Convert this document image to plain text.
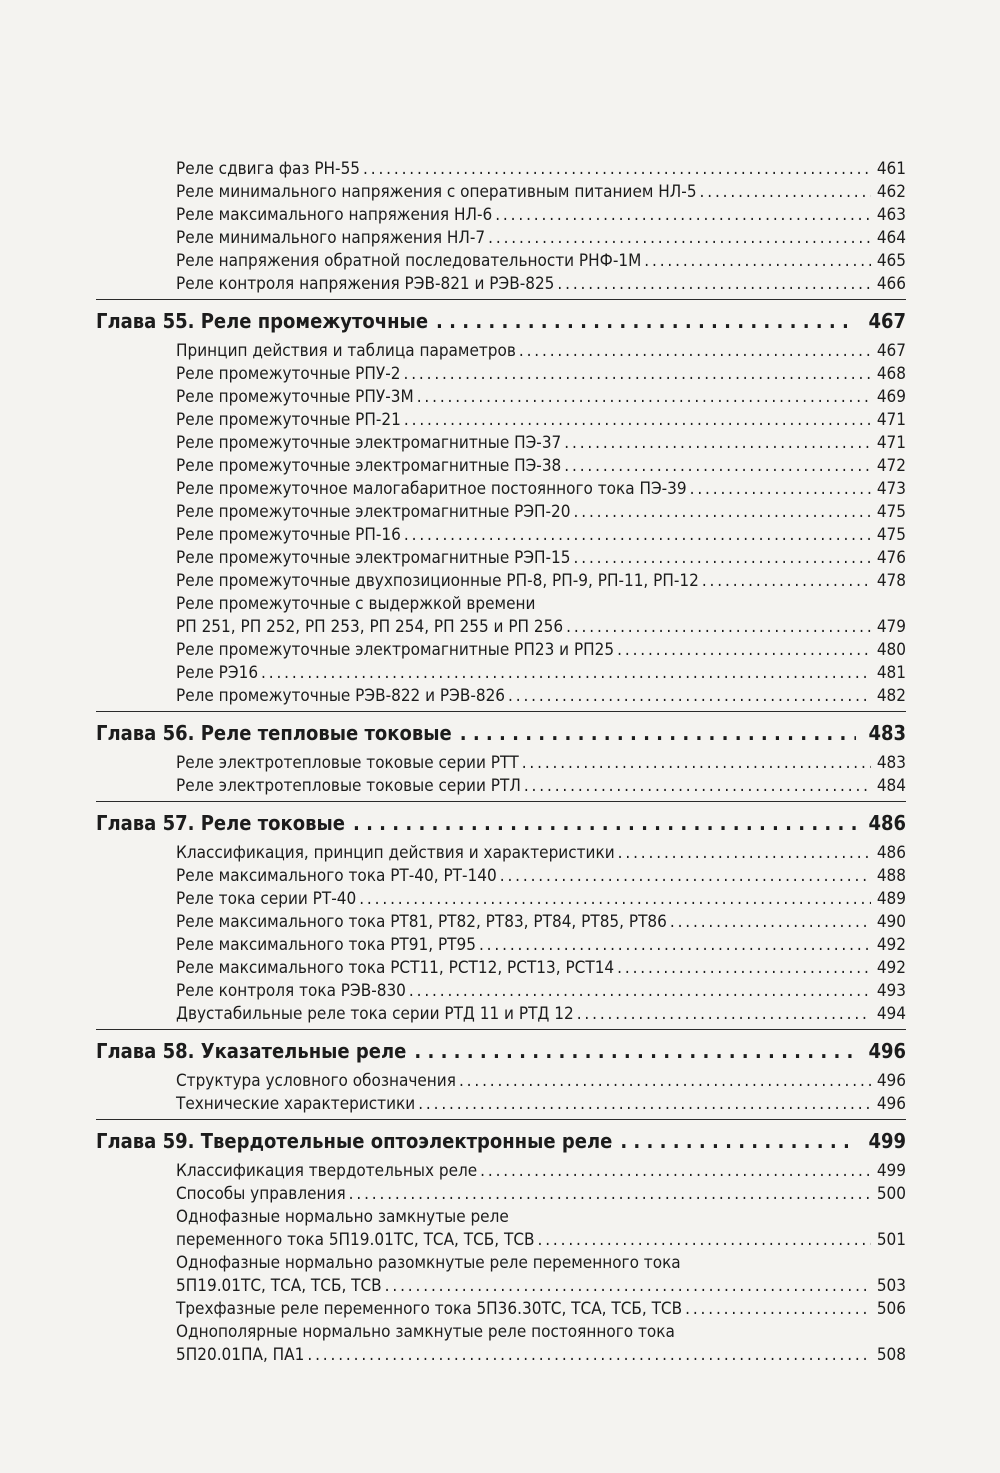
Реле сдвига фаз РН-55 . . .	461
Реле минимального напряжения с оперативным питанием НЛ-5 . . .	462
Реле максимального напряжения НЛ-6 . . .	463
Реле минимального напряжения НЛ-7 . . .	464
Реле напряжения обратной последовательности РНФ-1М . . .	465
Реле контроля напряжения РЭВ-821 и РЭВ-825 . . .	466
Глава 55. Реле промежуточные . . .	467
Принцип действия и таблица параметров . . .	467
Реле промежуточные РПУ-2 . . .	468
Реле промежуточные РПУ-3М . . .	469
Реле промежуточные РП-21 . . .	471
Реле промежуточные электромагнитные ПЭ-37 . . .	471
Реле промежуточные электромагнитные ПЭ-38 . . .	472
Реле промежуточное малогабаритное постоянного тока ПЭ-39 . . .	473
Реле промежуточные электромагнитные РЭП-20 . . .	475
Реле промежуточные РП-16 . . .	475
Реле промежуточные электромагнитные РЭП-15 . . .	476
Реле промежуточные двухпозиционные РП-8, РП-9, РП-11, РП-12 . . .	478
Реле промежуточные с выдержкой времени
РП 251, РП 252, РП 253, РП 254, РП 255 и РП 256 . . .	479
Реле промежуточные электромагнитные РП23 и РП25 . . .	480
Реле РЭ16 . . .	481
Реле промежуточные РЭВ-822 и РЭВ-826 . . .	482
Глава 56. Реле тепловые токовые . . .	483
Реле электротепловые токовые серии РТТ . . .	483
Реле электротепловые токовые серии РТЛ . . .	484
Глава 57. Реле токовые . . .	486
Классификация, принцип действия и характеристики . . .	486
Реле максимального тока РТ-40, РТ-140 . . .	488
Реле тока серии РТ-40 . . .	489
Реле максимального тока РТ81, РТ82, РТ83, РТ84, РТ85, РТ86 . . .	490
Реле максимального тока РТ91, РТ95 . . .	492
Реле максимального тока РСТ11, РСТ12, РСТ13, РСТ14 . . .	492
Реле контроля тока РЭВ-830 . . .	493
Двустабильные реле тока серии РТД 11 и РТД 12 . . .	494
Глава 58. Указательные реле . . .	496
Структура условного обозначения . . .	496
Технические характеристики . . .	496
Глава 59. Твердотельные оптоэлектронные реле . . .	499
Классификация твердотельных реле . . .	499
Способы управления . . .	500
Однофазные нормально замкнутые реле
переменного тока 5П19.01ТС, ТСА, ТСБ, ТСВ . . .	501
Однофазные нормально разомкнутые реле переменного тока
5П19.01ТС, ТСА, ТСБ, ТСВ . . .	503
Трехфазные реле переменного тока 5П36.30ТС, ТСА, ТСБ, ТСВ . . .	506
Однополярные нормально замкнутые реле постоянного тока
5П20.01ПА, ПА1 . . .	508
